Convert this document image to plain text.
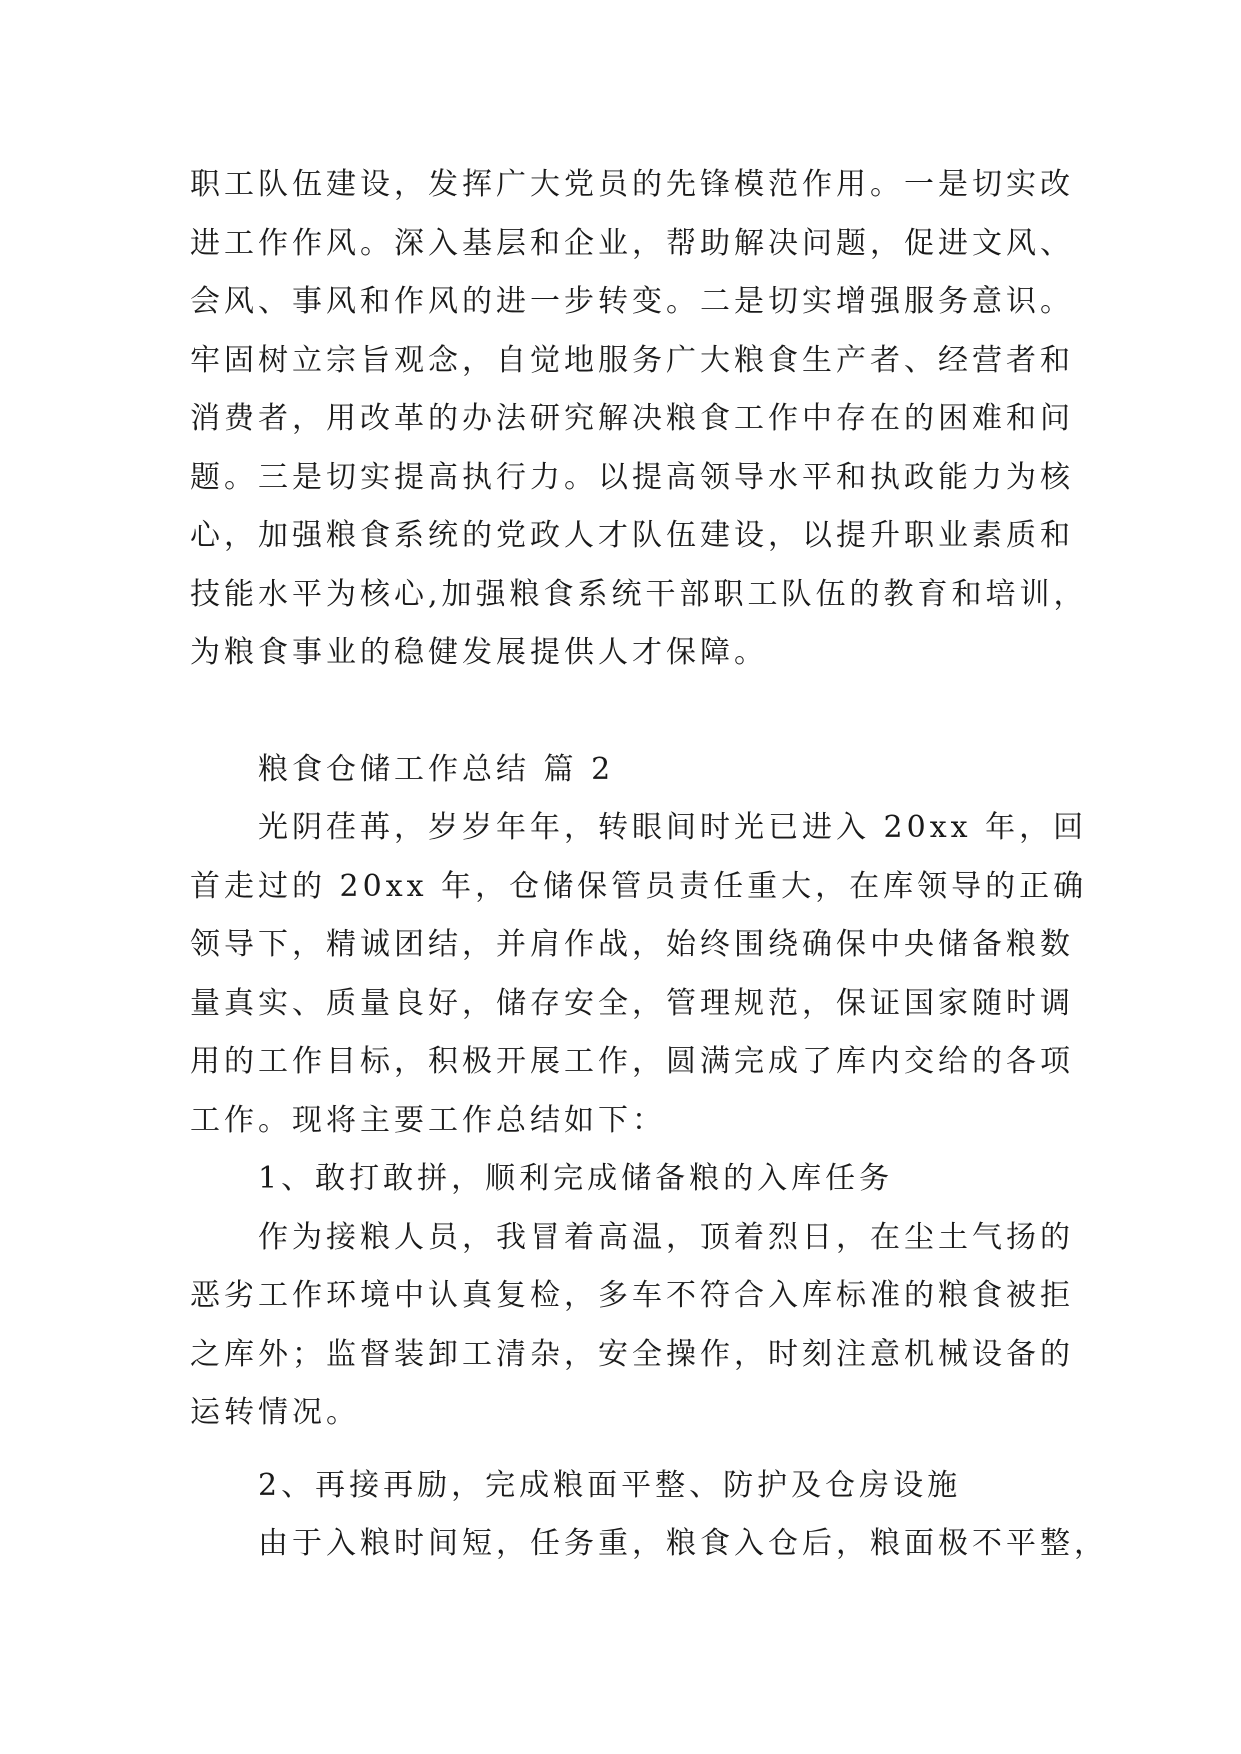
职工队伍建设，发挥广大党员的先锋模范作用。一是切实改

进工作作风。深入基层和企业，帮助解决问题，促进文风、

会风、事风和作风的进一步转变。二是切实增强服务意识。

牢固树立宗旨观念，自觉地服务广大粮食生产者、经营者和

消费者，用改革的办法研究解决粮食工作中存在的困难和问

题。三是切实提高执行力。以提高领导水平和执政能力为核

心，加强粮食系统的党政人才队伍建设，以提升职业素质和

技能水平为核心,加强粮食系统干部职工队伍的教育和培训，

为粮食事业的稳健发展提供人才保障。

粮食仓储工作总结 篇 2

光阴荏苒，岁岁年年，转眼间时光已进入 20xx 年，回

首走过的 20xx 年，仓储保管员责任重大，在库领导的正确

领导下，精诚团结，并肩作战，始终围绕确保中央储备粮数

量真实、质量良好，储存安全，管理规范，保证国家随时调

用的工作目标，积极开展工作，圆满完成了库内交给的各项

工作。现将主要工作总结如下：

1、敢打敢拼，顺利完成储备粮的入库任务

作为接粮人员，我冒着高温，顶着烈日，在尘土气扬的

恶劣工作环境中认真复检，多车不符合入库标准的粮食被拒

之库外；监督装卸工清杂，安全操作，时刻注意机械设备的

运转情况。

2、再接再励，完成粮面平整、防护及仓房设施

由于入粮时间短，任务重，粮食入仓后，粮面极不平整，
